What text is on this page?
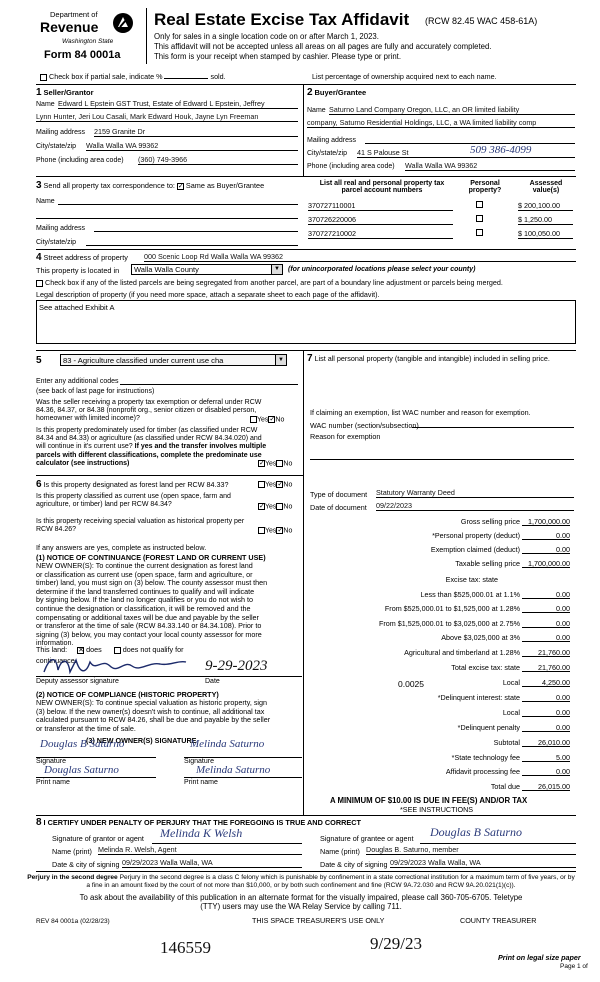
Department of
Revenue
Washington State
Form 84 0001a
Real Estate Excise Tax Affidavit (RCW 82.45 WAC 458-61A)
Only for sales in a single location code on or after March 1, 2023.
This affidavit will not be accepted unless all areas on all pages are fully and accurately completed.
This form is your receipt when stamped by cashier. Please type or print.
Check box if partial sale, indicate %	sold.	List percentage of ownership acquired next to each name.
1 Seller/Grantor
Name Edward L Epstein GST Trust, Estate of Edward L Epstein, Jeffrey
Lynn Hunter, Jeri Lou Casali, Mark Edward Houk, Jayne Lyn Freeman
Mailing address 2159 Granite Dr
City/state/zip Walla Walla WA 99362
Phone (including area code) (360) 749-3966
2 Buyer/Grantee
Name Saturno Land Company Oregon, LLC, an OR limited liability
company, Saturno Residential Holdings, LLC, a WA limited liability comp
Mailing address
City/state/zip 41 S Palouse St	509 386-4099
Phone (including area code) Walla Walla WA 99362
3 Send all property tax correspondence to: ✓ Same as Buyer/Grantee
Name
Mailing address
City/state/zip
List all real and personal property tax
parcel account numbers
Personal
property?
Assessed
value(s)
370727110001	$ 200,100.00
370726220006	$ 1,250.00
370727210002	$ 100,050.00
4 Street address of property 000 Scenic Loop Rd Walla Walla WA 99362
This property is located in	Walla Walla County	▼ (for unincorporated locations please select your county)
Check box if any of the listed parcels are being segregated from another parcel, are part of a boundary line adjustment or parcels being merged.
Legal description of property (if you need more space, attach a separate sheet to each page of the affidavit).
See attached Exhibit A
5	83 - Agriculture classified under current use cha	▼
Enter any additional codes
(see back of last page for instructions)
Was the seller receiving a property tax exemption or deferral under RCW 84.36, 84.37, or 84.38 (nonprofit org., senior citizen or disabled person, homeowner with limited income)?	Yes✓No
Is this property predominately used for timber (as classified under RCW 84.34 and 84.33) or agriculture (as classified under RCW 84.34.020) and will continue in it's current use? If yes and the transfer involves multiple parcels with different classifications, complete the predominate use calculator (see instructions)	✓Yes No
7 List all personal property (tangible and intangible) included in selling price.
If claiming an exemption, list WAC number and reason for exemption.
WAC number (section/subsection)
Reason for exemption
Type of document Statutory Warranty Deed
Date of document 09/22/2023
6 Is this property designated as forest land per RCW 84.33?	Yes✓No
Is this property classified as current use (open space, farm and agriculture, or timber) land per RCW 84.34?	✓Yes No
Is this property receiving special valuation as historical property per RCW 84.26?	Yes✓No
If any answers are yes, complete as instructed below.
(1) NOTICE OF CONTINUANCE (FOREST LAND OR CURRENT USE)
NEW OWNER(S): To continue the current designation as forest land
or classification as current use (open space, farm and agriculture, or
timber) land, you must sign on (3) below. The county assessor must then
determine if the land transferred continues to qualify and will indicate
by signing below. If the land no longer qualifies or you do not wish to
continue the designation or classification, it will be removed and the
compensating or additional taxes will be due and payable by the seller
or transferor at the time of sale (RCW 84.33.140 or 84.34.108). Prior to
signing (3) below, you may contact your local county assessor for more
information.
This land: ✕ does	does not qualify for
continuance.	9-29-2023
Deputy assessor signature	Date
(2) NOTICE OF COMPLIANCE (HISTORIC PROPERTY)
NEW OWNER(S): To continue special valuation as historic property, sign
(3) below. If the new owner(s) doesn't wish to continue, all additional tax
calculated pursuant to RCW 84.26, shall be due and payable by the seller
or transferor at the time of sale.
(3) NEW OWNER(S) SIGNATURE
Douglas B Saturno	Melinda Saturno
Signature	Signature
Douglas Saturno	Melinda Saturno
Print name	Print name
Gross selling price	1,700,000.00
*Personal property (deduct)	0.00
Exemption claimed (deduct)	0.00
Taxable selling price	1,700,000.00
Excise tax: state
Less than $525,000.01 at 1.1%	0.00
From $525,000.01 to $1,525,000 at 1.28%	0.00
From $1,525,000.01 to $3,025,000 at 2.75%	0.00
Above $3,025,000 at 3%	0.00
Agricultural and timberland at 1.28%	21,760.00
Total excise tax: state	21,760.00
0.0025	Local	4,250.00
*Delinquent interest: state	0.00
Local	0.00
*Delinquent penalty	0.00
Subtotal	26,010.00
*State technology fee	5.00
Affidavit processing fee	0.00
Total due	26,015.00
A MINIMUM OF $10.00 IS DUE IN FEE(S) AND/OR TAX
*SEE INSTRUCTIONS
8 I CERTIFY UNDER PENALTY OF PERJURY THAT THE FOREGOING IS TRUE AND CORRECT
Signature of grantor or agent Melinda K Welsh
Name (print) Melinda R. Welsh, Agent
Date & city of signing 09/29/2023 Walla Walla, WA
Signature of grantee or agent Douglas B Saturno
Name (print) Douglas B. Saturno, member
Date & city of signing 09/29/2023 Walla Walla, WA
Perjury in the second degree Perjury in the second degree is a class C felony which is punishable by confinement in a state correctional institution for a maximum term of five years, or by
a fine in an amount fixed by the court of not more than $10,000, or by both such confinement and fine (RCW 9A.72.030 and RCW 9A.20.021(1)(c)).
To ask about the availability of this publication in an alternate format for the visually impaired, please call 360-705-6705. Teletype
(TTY) users may use the WA Relay Service by calling 711.
REV 84 0001a (02/28/23)	THIS SPACE TREASURER'S USE ONLY	COUNTY TREASURER
146559	9/29/23
Print on legal size paper
Page 1 of
